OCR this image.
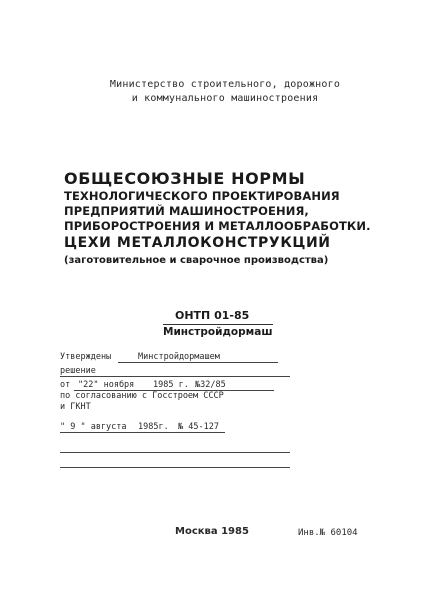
Министерство строительного, дорожного
и коммунального машиностроения
ОБЩЕСОЮЗНЫЕ НОРМЫ
ТЕХНОЛОГИЧЕСКОГО ПРОЕКТИРОВАНИЯ
ПРЕДПРИЯТИЙ МАШИНОСТРОЕНИЯ,
ПРИБОРОСТРОЕНИЯ И МЕТАЛЛООБРАБОТКИ.
ЦЕХИ МЕТАЛЛОКОНСТРУКЦИЙ
(заготовительное и сварочное производства)
ОНТП 01-85
Минстройдормаш
Утверждены	Минстройдормашем
решение
от "22" ноября 1985 г. №32/85
по согласованию с Госстроем СССР
и ГКНТ
" 9 " августа 1985г. № 45-127
Москва 1985	Инв.№ 60104
